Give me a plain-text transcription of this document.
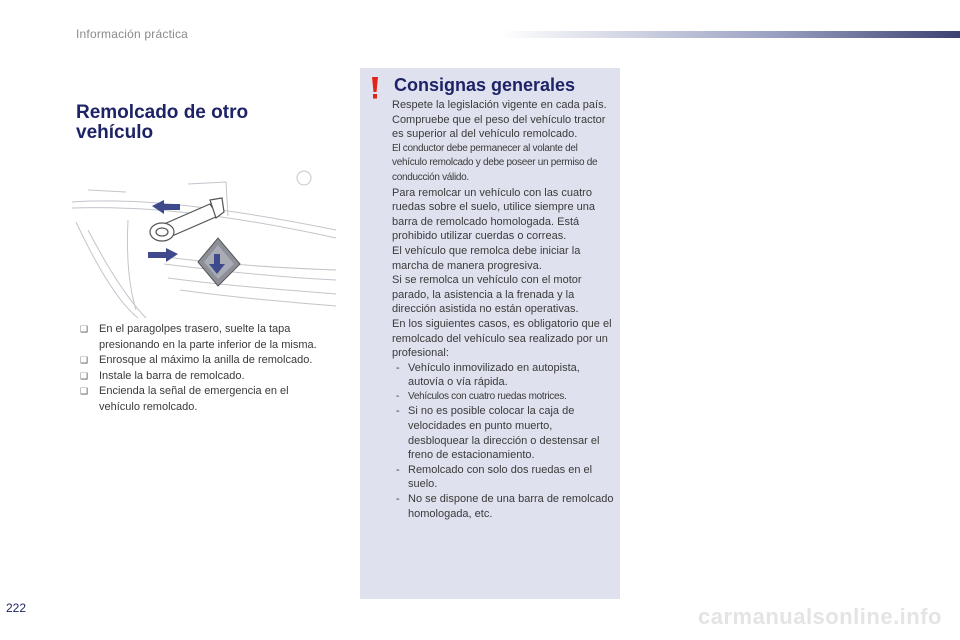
Información práctica
Remolcado de otro
vehículo
❑ En el paragolpes trasero, suelte la tapa presionando en la parte inferior de la misma.
❑ Enrosque al máximo la anilla de remolcado.
❑ Instale la barra de remolcado.
❑ Encienda la señal de emergencia en el vehículo remolcado.
Consignas generales

Respete la legislación vigente en cada país.

Compruebe que el peso del vehículo tractor es superior al del vehículo remolcado.

El conductor debe permanecer al volante del vehículo remolcado y debe poseer un permiso de conducción válido.

Para remolcar un vehículo con las cuatro ruedas sobre el suelo, utilice siempre una barra de remolcado homologada. Está prohibido utilizar cuerdas o correas.

El vehículo que remolca debe iniciar la marcha de manera progresiva.

Si se remolca un vehículo con el motor parado, la asistencia a la frenada y la dirección asistida no están operativas.

En los siguientes casos, es obligatorio que el remolcado del vehículo sea realizado por un profesional:

- Vehículo inmovilizado en autopista, autovía o vía rápida.
- Vehículos con cuatro ruedas motrices.
- Si no es posible colocar la caja de velocidades en punto muerto, desbloquear la dirección o destensar el freno de estacionamiento.
- Remolcado con solo dos ruedas en el suelo.
- No se dispone de una barra de remolcado homologada, etc.
222	carmanualsonline.info
